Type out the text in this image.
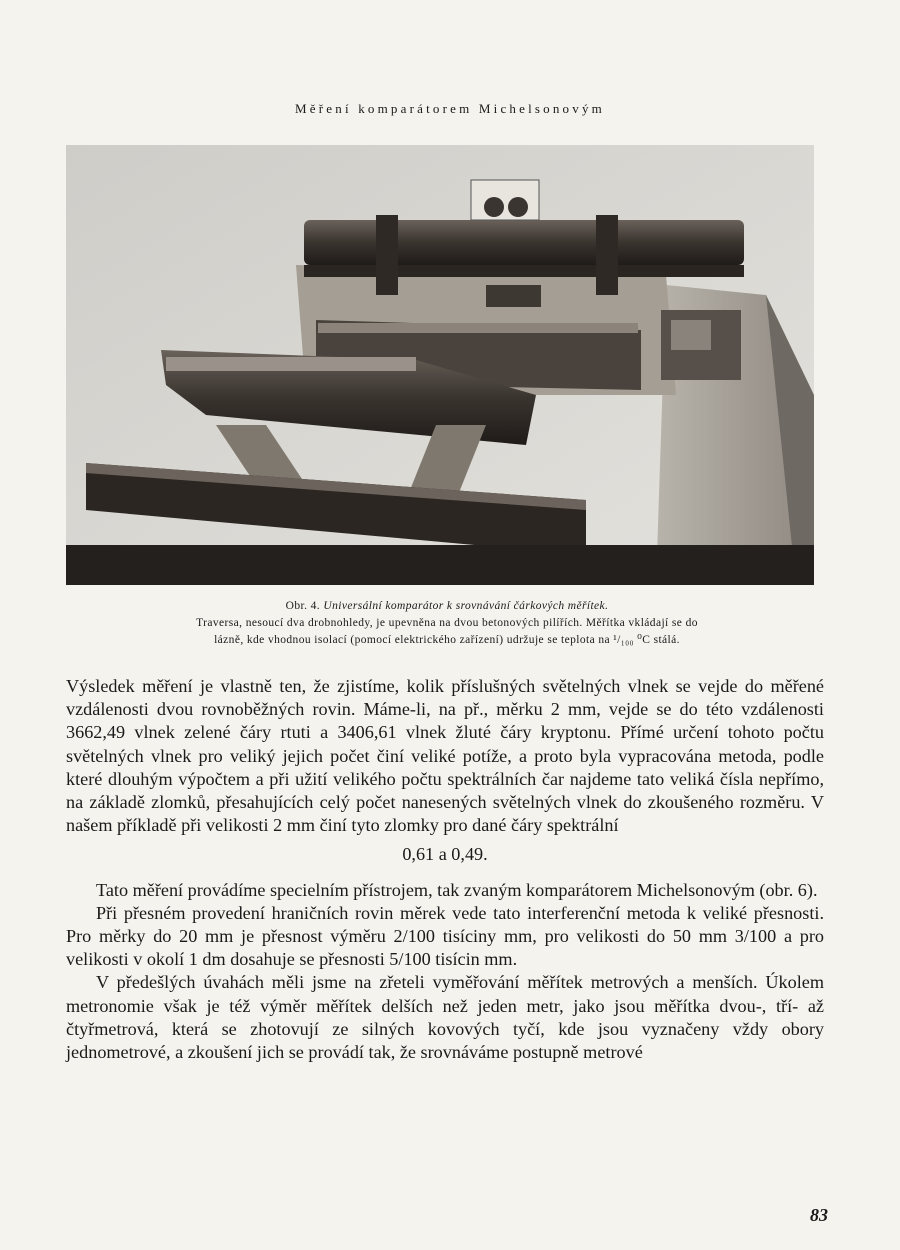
Měření komparátorem Michelsonovým
Obr. 4. Universální komparátor k srovnávání čárkových měřítek.
Traversa, nesoucí dva drobnohledy, je upevněna na dvou betonových pilířích. Měřítka vkládají se do
lázně, kde vhodnou isolací (pomocí elektrického zařízení) udržuje se teplota na ¹/₁₀₀ ⁰C stálá.

Výsledek měření je vlastně ten, že zjistíme, kolik příslušných světelných vlnek se vejde do měřené vzdálenosti dvou rovnoběžných rovin. Máme-li, na př., měrku 2 mm, vejde se do této vzdálenosti 3662,49 vlnek zelené čáry rtuti a 3406,61 vlnek žluté čáry kryptonu. Přímé určení tohoto počtu světelných vlnek pro veliký jejich počet činí veliké potíže, a proto byla vypracována metoda, podle které dlouhým výpočtem a při užití velikého počtu spektrálních čar najdeme tato veliká čísla nepřímo, na základě zlomků, přesahujících celý počet nanesených světelných vlnek do zkoušeného rozměru. V našem příkladě při velikosti 2 mm činí tyto zlomky pro dané čáry spektrální

0,61 a 0,49.

Tato měření provádíme specielním přístrojem, tak zvaným komparátorem Michelsonovým (obr. 6).

Při přesném provedení hraničních rovin měrek vede tato interferenční metoda k veliké přesnosti. Pro měrky do 20 mm je přesnost výměru 2/100 tisíciny mm, pro velikosti do 50 mm 3/100 a pro velikosti v okolí 1 dm dosahuje se přesnosti 5/100 tisícin mm.

V předešlých úvahách měli jsme na zřeteli vyměřování měřítek metrových a menších. Úkolem metronomie však je též výměr měřítek delších než jeden metr, jako jsou měřítka dvou-, tří- až čtyřmetrová, která se zhotovují ze silných kovových tyčí, kde jsou vyznačeny vždy obory jednometrové, a zkoušení jich se provádí tak, že srovnáváme postupně metrové

83
